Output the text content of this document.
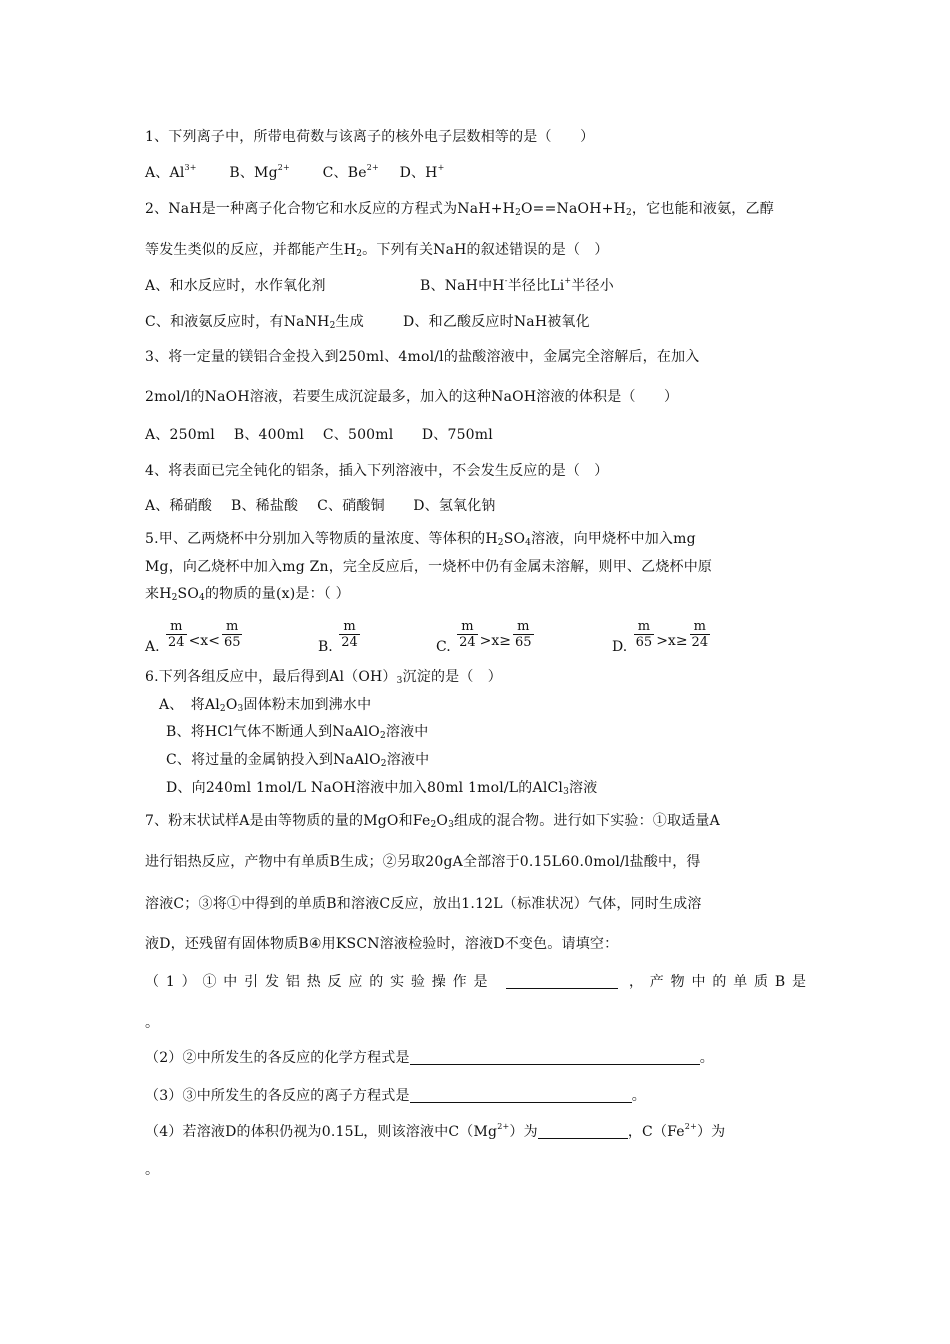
1、下列离子中，所带电荷数与该离子的核外电子层数相等的是（　　）
A、$Al^{3+}$ B、$Mg^{2+}$ C、$Be^{2+}$ D、H+
2、NaH是一种离子化合物它和水反应的方程式为$NaH+H_2O==NaOH+H_2$，它也能和液氨，乙醇
等发生类似的反应，并都能产生$H_2$。下列有关NaH的叙述错误的是（　）
A、和水反应时，水作氧化剂	B、NaH中H-半径比Li+半径小
C、和液氨反应时，有NaNH$_2$生成	D、和乙酸反应时NaH被氧化
3、将一定量的镁铝合金投入到250ml、4mol/l的盐酸溶液中，金属完全溶解后，在加入
2mol/l的NaOH溶液，若要生成沉淀最多，加入的这种NaOH溶液的体积是（　　）
A、250ml　 B、400ml　 C、500ml　　D、750ml
4、将表面已完全钝化的铝条，插入下列溶液中，不会发生反应的是（　）
A、稀硝酸　 B、稀盐酸　 C、硝酸铜　　D、氢氧化钠
5.甲、乙两烧杯中分别加入等物质的量浓度、等体积的$H_2SO_4$溶液，向甲烧杯中加入mg
Mg，向乙烧杯中加入mg Zn，完全反应后，一烧杯中仍有金属未溶解，则甲、乙烧杯中原
来$H_2SO_4$的物质的量(x)是：（ ）
A. $\frac{m}{24} <x< \frac{m}{65}$	B. $\frac{m}{24}$	C. $\frac{m}{24} >x\ge \frac{m}{65}$	D. $\frac{m}{65} >x\ge \frac{m}{24}$
6.下列各组反应中，最后得到$Al(OH)_3$沉淀的是（　）
A、　将$Al_2O_3$固体粉末加到沸水中
B、将HCl气体不断通人到NaAlO$_2$溶液中
C、将过量的金属钠投入到NaAlO$_2$溶液中
D、向240ml 1mol/L NaOH溶液中加入80ml 1mol/L的AlCl$_3$溶液
7、粉末状试样A是由等物质的量的MgO和$Fe_2O_3$组成的混合物。进行如下实验：①取适量A
进行铝热反应，产物中有单质B生成；②另取20gA全部溶于0.15L60.0mol/l盐酸中，得
溶液C；③将①中得到的单质B和溶液C反应，放出1.12L（标准状况）气体，同时生成溶
液D，还残留有固体物质B④用KSCN溶液检验时，溶液D不变色。请填空：
（1）①中引发铝热反应的实验操作是	，产物中的单质B是
。
（2）②中所发生的各反应的化学方程式是	。
（3）③中所发生的各反应的离子方程式是	。
（4）若溶液D的体积仍视为0.15L，则该溶液中$C(Mg^{2+})$为	，$C(Fe^{2+})$为
。
